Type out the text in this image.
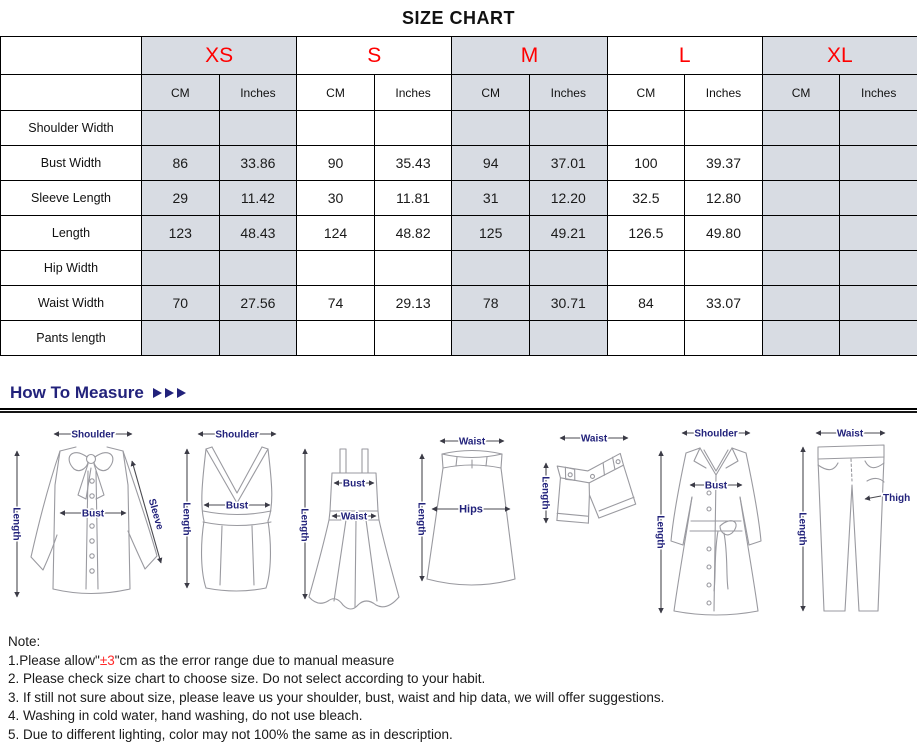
SIZE CHART
	XS		S		M		L		XL	
	CM	Inches	CM	Inches	CM	Inches	CM	Inches	CM	Inches
Shoulder Width										
Bust Width	86	33.86	90	35.43	94	37.01	100	39.37		
Sleeve Length	29	11.42	30	11.81	31	12.20	32.5	12.80		
Length	123	48.43	124	48.82	125	49.21	126.5	49.80		
Hip Width										
Waist Width	70	27.56	74	29.13	78	30.71	84	33.07		
Pants length										
How To Measure
Shoulder
Length	Bust	Sleeve
Shoulder
Length	Bust
Length
Bust
Waist
Waist
Length	Hips
Waist
Length
Shoulder
Length
Bust
Waist
Length
Thigh
Note:
1.Please allow"±3"cm as the error range due to manual measure
2. Please check size chart to choose size. Do not select according to your habit.
3. If still not sure about size, please leave us your shoulder, bust, waist and hip data, we will offer suggestions.
4. Washing in cold water, hand washing, do not use bleach.
5. Due to different lighting, color may not 100% the same as in description.
